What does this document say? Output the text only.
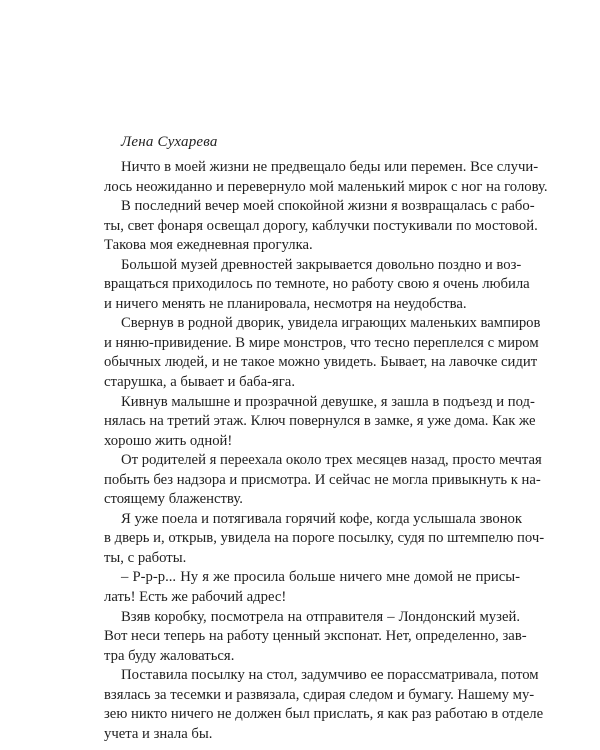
Лена Сухарева

Ничто в моей жизни не предвещало беды или перемен. Все случи-
лось неожиданно и перевернуло мой маленький мирок с ног на голову.

В последний вечер моей спокойной жизни я возвращалась с рабо-
ты, свет фонаря освещал дорогу, каблучки постукивали по мостовой.
Такова моя ежедневная прогулка.

Большой музей древностей закрывается довольно поздно и воз-
вращаться приходилось по темноте, но работу свою я очень любила
и ничего менять не планировала, несмотря на неудобства.

Свернув в родной дворик, увидела играющих маленьких вампиров
и няню-привидение. В мире монстров, что тесно переплелся с миром
обычных людей, и не такое можно увидеть. Бывает, на лавочке сидит
старушка, а бывает и баба-яга.

Кивнув малышне и прозрачной девушке, я зашла в подъезд и под-
нялась на третий этаж. Ключ повернулся в замке, я уже дома. Как же
хорошо жить одной!

От родителей я переехала около трех месяцев назад, просто мечтая
побыть без надзора и присмотра. И сейчас не могла привыкнуть к на-
стоящему блаженству.

Я уже поела и потягивала горячий кофе, когда услышала звонок
в дверь и, открыв, увидела на пороге посылку, судя по штемпелю поч-
ты, с работы.

– Р-р-р... Ну я же просила больше ничего мне домой не присы-
лать! Есть же рабочий адрес!

Взяв коробку, посмотрела на отправителя – Лондонский музей.
Вот неси теперь на работу ценный экспонат. Нет, определенно, зав-
тра буду жаловаться.

Поставила посылку на стол, задумчиво ее порассматривала, потом
взялась за тесемки и развязала, сдирая следом и бумагу. Нашему му-
зею никто ничего не должен был прислать, я как раз работаю в отделе
учета и знала бы.
